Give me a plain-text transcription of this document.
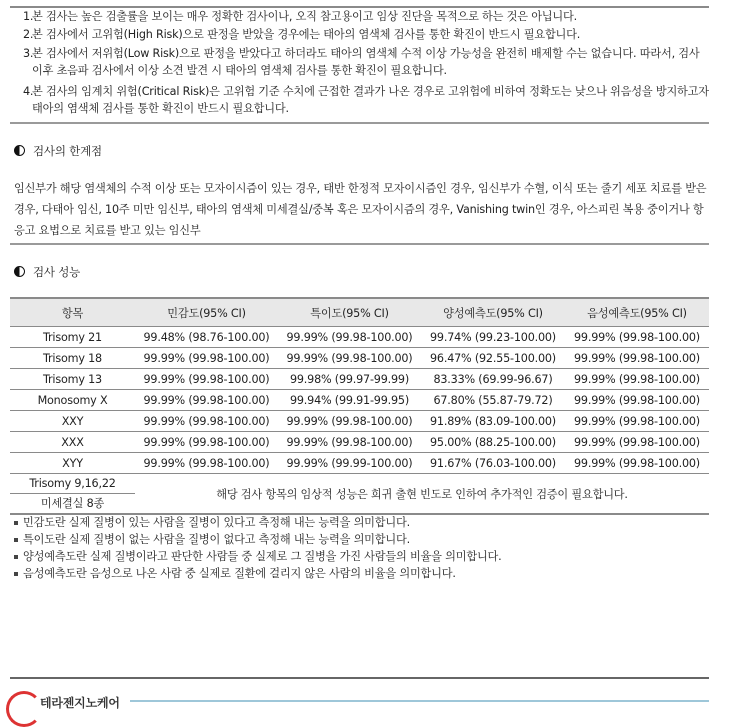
1.
본 검사는 높은 검출률을 보이는 매우 정확한 검사이나, 오직 참고용이고 임상 진단을 목적으로 하는 것은 아닙니다.
2.
본 검사에서 고위험(High Risk)으로 판정을 받았을 경우에는 태아의 염색체 검사를 통한 확진이 반드시 필요합니다.
3.
본 검사에서 저위험(Low Risk)으로 판정을 받았다고 하더라도 태아의 염색체 수적 이상 가능성을 완전히 배제할 수는 없습니다. 따라서, 검사 이후 초음파 검사에서 이상 소견 발견 시 태아의 염색체 검사를 통한 확진이 필요합니다.
4.
본 검사의 임계치 위험(Critical Risk)은 고위험 기준 수치에 근접한 결과가 나온 경우로 고위험에 비하여 정확도는 낮으나 위음성을 방지하고자 태아의 염색체 검사를 통한 확진이 반드시 필요합니다.
검사의 한계점

임신부가 해당 염색체의 수적 이상 또는 모자이시즘이 있는 경우, 태반 한정적 모자이시즘인 경우, 임신부가 수혈, 이식 또는 줄기 세포 치료를 받은 경우, 다태아 임신, 10주 미만 임신부, 태아의 염색체 미세결실/중복 혹은 모자이시즘의 경우, Vanishing twin인 경우, 아스피린 복용 중이거나 항 응고 요법으로 치료를 받고 있는 임신부

검사 성능
항목	민감도(95% CI)	특이도(95% CI)	양성예측도(95% CI)	음성예측도(95% CI)
Trisomy 21	99.48% (98.76-100.00)	99.99% (99.98-100.00)	99.74% (99.23-100.00)	99.99% (99.98-100.00)
Trisomy 18	99.99% (99.98-100.00)	99.99% (99.98-100.00)	96.47% (92.55-100.00)	99.99% (99.98-100.00)
Trisomy 13	99.99% (99.98-100.00)	99.98% (99.97-99.99)	83.33% (69.99-96.67)	99.99% (99.98-100.00)
Monosomy X	99.99% (99.98-100.00)	99.94% (99.91-99.95)	67.80% (55.87-79.72)	99.99% (99.98-100.00)
XXY	99.99% (99.98-100.00)	99.99% (99.98-100.00)	91.89% (83.09-100.00)	99.99% (99.98-100.00)
XXX	99.99% (99.98-100.00)	99.99% (99.98-100.00)	95.00% (88.25-100.00)	99.99% (99.98-100.00)
XYY	99.99% (99.98-100.00)	99.99% (99.99-100.00)	91.67% (76.03-100.00)	99.99% (99.98-100.00)

Trisomy 9,16,22
미세결실 8종	해당 검사 항목의 임상적 성능은 희귀 출현 빈도로 인하여 추가적인 검증이 필요합니다.			
민감도란 실제 질병이 있는 사람을 질병이 있다고 측정해 내는 능력을 의미합니다.
특이도란 실제 질병이 없는 사람을 질병이 없다고 측정해 내는 능력을 의미합니다.
양성예측도란 실제 질병이라고 판단한 사람들 중 실제로 그 질병을 가진 사람들의 비율을 의미합니다.
음성예측도란 음성으로 나온 사람 중 실제로 질환에 걸리지 않은 사람의 비율을 의미합니다.
테라젠지노케어
